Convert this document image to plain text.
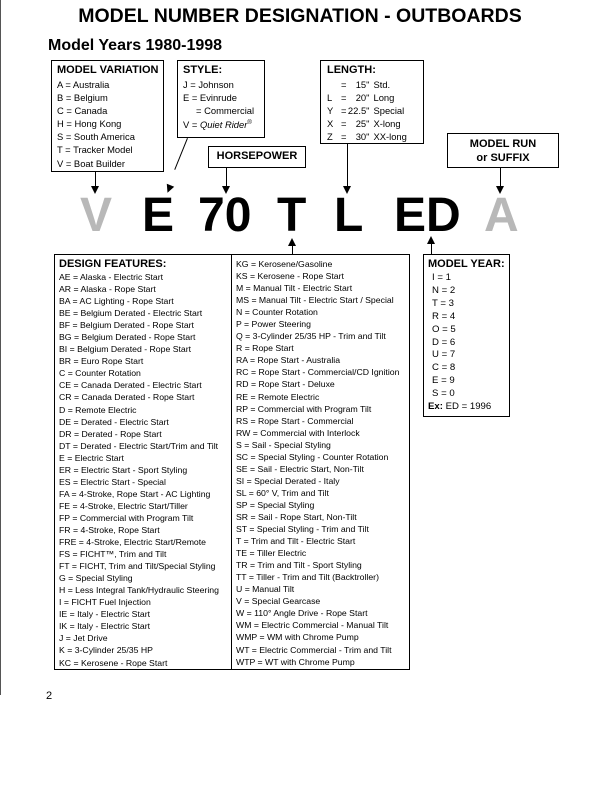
MODEL NUMBER DESIGNATION - OUTBOARDS
Model Years 1980-1998
MODEL VARIATION
A = Australia
B = Belgium
C = Canada
H = Hong Kong
S = South America
T = Tracker Model
V = Boat Builder
STYLE:
J = Johnson
E = Evinrude
= Commercial
V = Quiet Rider®
LENGTH:
= 15" Std.
L = 20" Long
Y = 22.5" Special
X = 25" X-long
Z = 30" XX-long
HORSEPOWER
MODEL RUN
or SUFFIX
V E 70 T L ED A
DESIGN FEATURES:
AE = Alaska - Electric Start
AR = Alaska - Rope Start
BA = AC Lighting - Rope Start
BE = Belgium Derated - Electric Start
BF = Belgium Derated - Rope Start
BG = Belgium Derated - Rope Start
BI = Belgium Derated - Rope Start
BR = Euro Rope Start
C = Counter Rotation
CE = Canada Derated - Electric Start
CR = Canada Derated - Rope Start
D = Remote Electric
DE = Derated - Electric Start
DR = Derated - Rope Start
DT = Derated - Electric Start/Trim and Tilt
E = Electric Start
ER = Electric Start - Sport Styling
ES = Electric Start - Special
FA = 4-Stroke, Rope Start - AC Lighting
FE = 4-Stroke, Electric Start/Tiller
FP = Commercial with Program Tilt
FR = 4-Stroke, Rope Start
FRE = 4-Stroke, Electric Start/Remote
FS = FICHT™, Trim and Tilt
FT = FICHT, Trim and Tilt/Special Styling
G = Special Styling
H = Less Integral Tank/Hydraulic Steering
I = FICHT Fuel Injection
IE = Italy - Electric Start
IK = Italy - Electric Start
J = Jet Drive
K = 3-Cylinder 25/35 HP
KC = Kerosene - Rope Start
KG = Kerosene/Gasoline
KS = Kerosene - Rope Start
M = Manual Tilt - Electric Start
MS = Manual Tilt - Electric Start / Special
N = Counter Rotation
P = Power Steering
Q = 3-Cylinder 25/35 HP - Trim and Tilt
R = Rope Start
RA = Rope Start - Australia
RC = Rope Start - Commercial/CD Ignition
RD = Rope Start - Deluxe
RE = Remote Electric
RP = Commercial with Program Tilt
RS = Rope Start - Commercial
RW = Commercial with Interlock
S = Sail - Special Styling
SC = Special Styling - Counter Rotation
SE = Sail - Electric Start, Non-Tilt
SI = Special Derated - Italy
SL = 60° V, Trim and Tilt
SP = Special Styling
SR = Sail - Rope Start, Non-Tilt
ST = Special Styling - Trim and Tilt
T = Trim and Tilt - Electric Start
TE = Tiller Electric
TR = Trim and Tilt - Sport Styling
TT = Tiller - Trim and Tilt (Backtroller)
U = Manual Tilt
V = Special Gearcase
W = 110° Angle Drive - Rope Start
WM = Electric Commercial - Manual Tilt
WMP = WM with Chrome Pump
WT = Electric Commercial - Trim and Tilt
WTP = WT with Chrome Pump
MODEL YEAR:
I = 1
N = 2
T = 3
R = 4
O = 5
D = 6
U = 7
C = 8
E = 9
S = 0
Ex: ED = 1996
2
